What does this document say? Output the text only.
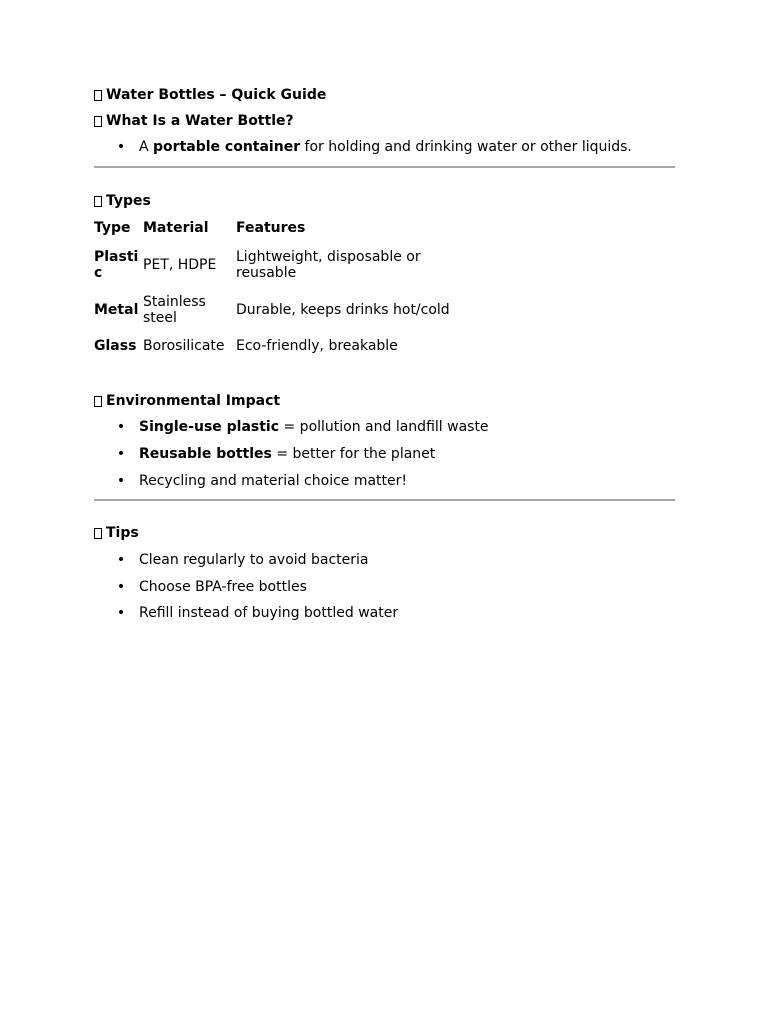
Water Bottles – Quick Guide
What Is a Water Bottle?
• A portable container for holding and drinking water or other liquids.
Types
Type Material Features
Plasti
c	PET, HDPE Lightweight, disposable or
reusable
Metal Stainless
steel	Durable, keeps drinks hot/cold
Glass Borosilicate Eco-friendly, breakable
Environmental Impact
• Single-use plastic = pollution and landfill waste
• Reusable bottles = better for the planet
• Recycling and material choice matter!
Tips
• Clean regularly to avoid bacteria
• Choose BPA-free bottles
• Refill instead of buying bottled water
